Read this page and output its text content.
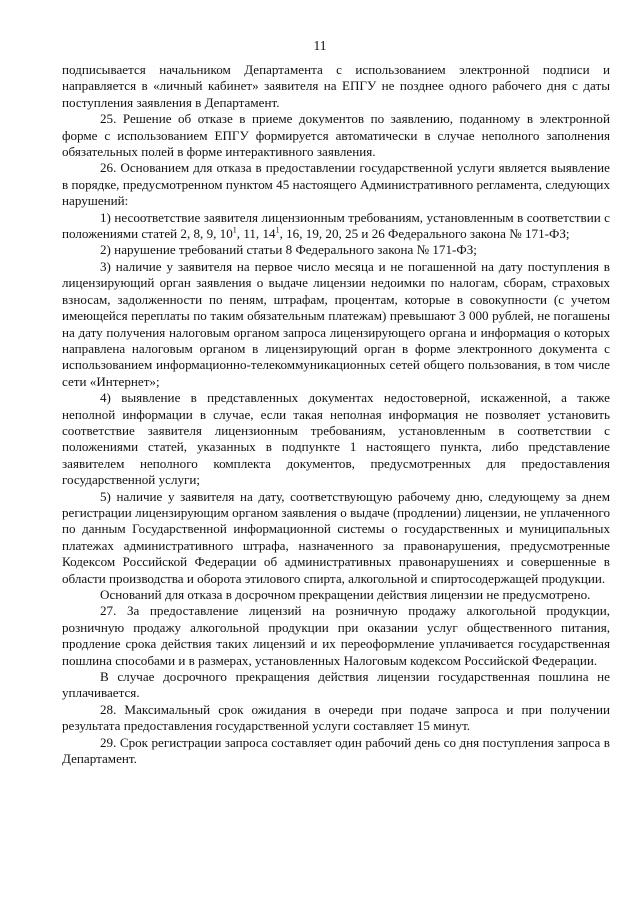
11

подписывается начальником Департамента с использованием электронной подписи и направляется в «личный кабинет» заявителя на ЕПГУ не позднее одного рабочего дня с даты поступления заявления в Департамент.

25. Решение об отказе в приеме документов по заявлению, поданному в электронной форме с использованием ЕПГУ формируется автоматически в случае неполного заполнения обязательных полей в форме интерактивного заявления.

26. Основанием для отказа в предоставлении государственной услуги является выявление в порядке, предусмотренном пунктом 45 настоящего Административного регламента, следующих нарушений:

1) несоответствие заявителя лицензионным требованиям, установленным в соответствии с положениями статей 2, 8, 9, $10^1$, 11, $14^1$, 16, 19, 20, 25 и 26 Федерального закона № 171-ФЗ;

2) нарушение требований статьи 8 Федерального закона № 171-ФЗ;

3) наличие у заявителя на первое число месяца и не погашенной на дату поступления в лицензирующий орган заявления о выдаче лицензии недоимки по налогам, сборам, страховых взносам, задолженности по пеням, штрафам, процентам, которые в совокупности (с учетом имеющейся переплаты по таким обязательным платежам) превышают 3 000 рублей, не погашены на дату получения налоговым органом запроса лицензирующего органа и информация о которых направлена налоговым органом в лицензирующий орган в форме электронного документа с использованием информационно-телекоммуникационных сетей общего пользования, в том числе сети «Интернет»;

4) выявление в представленных документах недостоверной, искаженной, а также неполной информации в случае, если такая неполная информация не позволяет установить соответствие заявителя лицензионным требованиям, установленным в соответствии с положениями статей, указанных в подпункте 1 настоящего пункта, либо представление заявителем неполного комплекта документов, предусмотренных для предоставления государственной услуги;

5) наличие у заявителя на дату, соответствующую рабочему дню, следующему за днем регистрации лицензирующим органом заявления о выдаче (продлении) лицензии, не уплаченного по данным Государственной информационной системы о государственных и муниципальных платежах административного штрафа, назначенного за правонарушения, предусмотренные Кодексом Российской Федерации об административных правонарушениях и совершенные в области производства и оборота этилового спирта, алкогольной и спиртосодержащей продукции.

Оснований для отказа в досрочном прекращении действия лицензии не предусмотрено.

27. За предоставление лицензий на розничную продажу алкогольной продукции, розничную продажу алкогольной продукции при оказании услуг общественного питания, продление срока действия таких лицензий и их переоформление уплачивается государственная пошлина способами и в размерах, установленных Налоговым кодексом Российской Федерации.

В случае досрочного прекращения действия лицензии государственная пошлина не уплачивается.

28. Максимальный срок ожидания в очереди при подаче запроса и при получении результата предоставления государственной услуги составляет 15 минут.

29. Срок регистрации запроса составляет один рабочий день со дня поступления запроса в Департамент.
